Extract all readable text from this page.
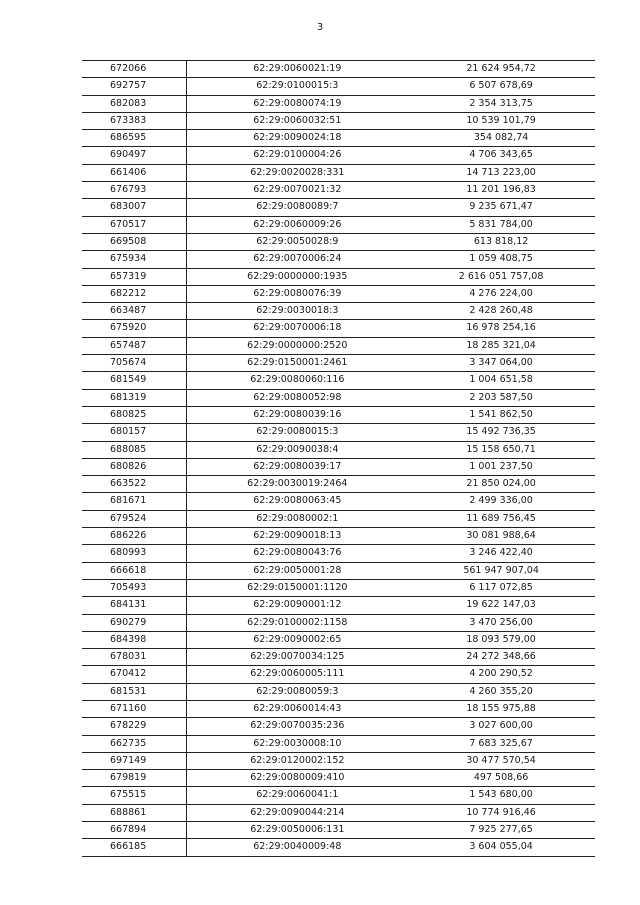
3
672066	62:29:0060021:19	21 624 954,72
692757	62:29:0100015:3	6 507 678,69
682083	62:29:0080074:19	2 354 313,75
673383	62:29:0060032:51	10 539 101,79
686595	62:29:0090024:18	354 082,74
690497	62:29:0100004:26	4 706 343,65
661406	62:29:0020028:331	14 713 223,00
676793	62:29:0070021:32	11 201 196,83
683007	62:29:0080089:7	9 235 671,47
670517	62:29:0060009:26	5 831 784,00
669508	62:29:0050028:9	613 818,12
675934	62:29:0070006:24	1 059 408,75
657319	62:29:0000000:1935	2 616 051 757,08
682212	62:29:0080076:39	4 276 224,00
663487	62:29:0030018:3	2 428 260,48
675920	62:29:0070006:18	16 978 254,16
657487	62:29:0000000:2520	18 285 321,04
705674	62:29:0150001:2461	3 347 064,00
681549	62:29:0080060:116	1 004 651,58
681319	62:29:0080052:98	2 203 587,50
680825	62:29:0080039:16	1 541 862,50
680157	62:29:0080015:3	15 492 736,35
688085	62:29:0090038:4	15 158 650,71
680826	62:29:0080039:17	1 001 237,50
663522	62:29:0030019:2464	21 850 024,00
681671	62:29:0080063:45	2 499 336,00
679524	62:29:0080002:1	11 689 756,45
686226	62:29:0090018:13	30 081 988,64
680993	62:29:0080043:76	3 246 422,40
666618	62:29:0050001:28	561 947 907,04
705493	62:29:0150001:1120	6 117 072,85
684131	62:29:0090001:12	19 622 147,03
690279	62:29:0100002:1158	3 470 256,00
684398	62:29:0090002:65	18 093 579,00
678031	62:29:0070034:125	24 272 348,66
670412	62:29:0060005:111	4 200 290,52
681531	62:29:0080059:3	4 260 355,20
671160	62:29:0060014:43	18 155 975,88
678229	62:29:0070035:236	3 027 600,00
662735	62:29:0030008:10	7 683 325,67
697149	62:29:0120002:152	30 477 570,54
679819	62:29:0080009:410	497 508,66
675515	62:29:0060041:1	1 543 680,00
688861	62:29:0090044:214	10 774 916,46
667894	62:29:0050006:131	7 925 277,65
666185	62:29:0040009:48	3 604 055,04
